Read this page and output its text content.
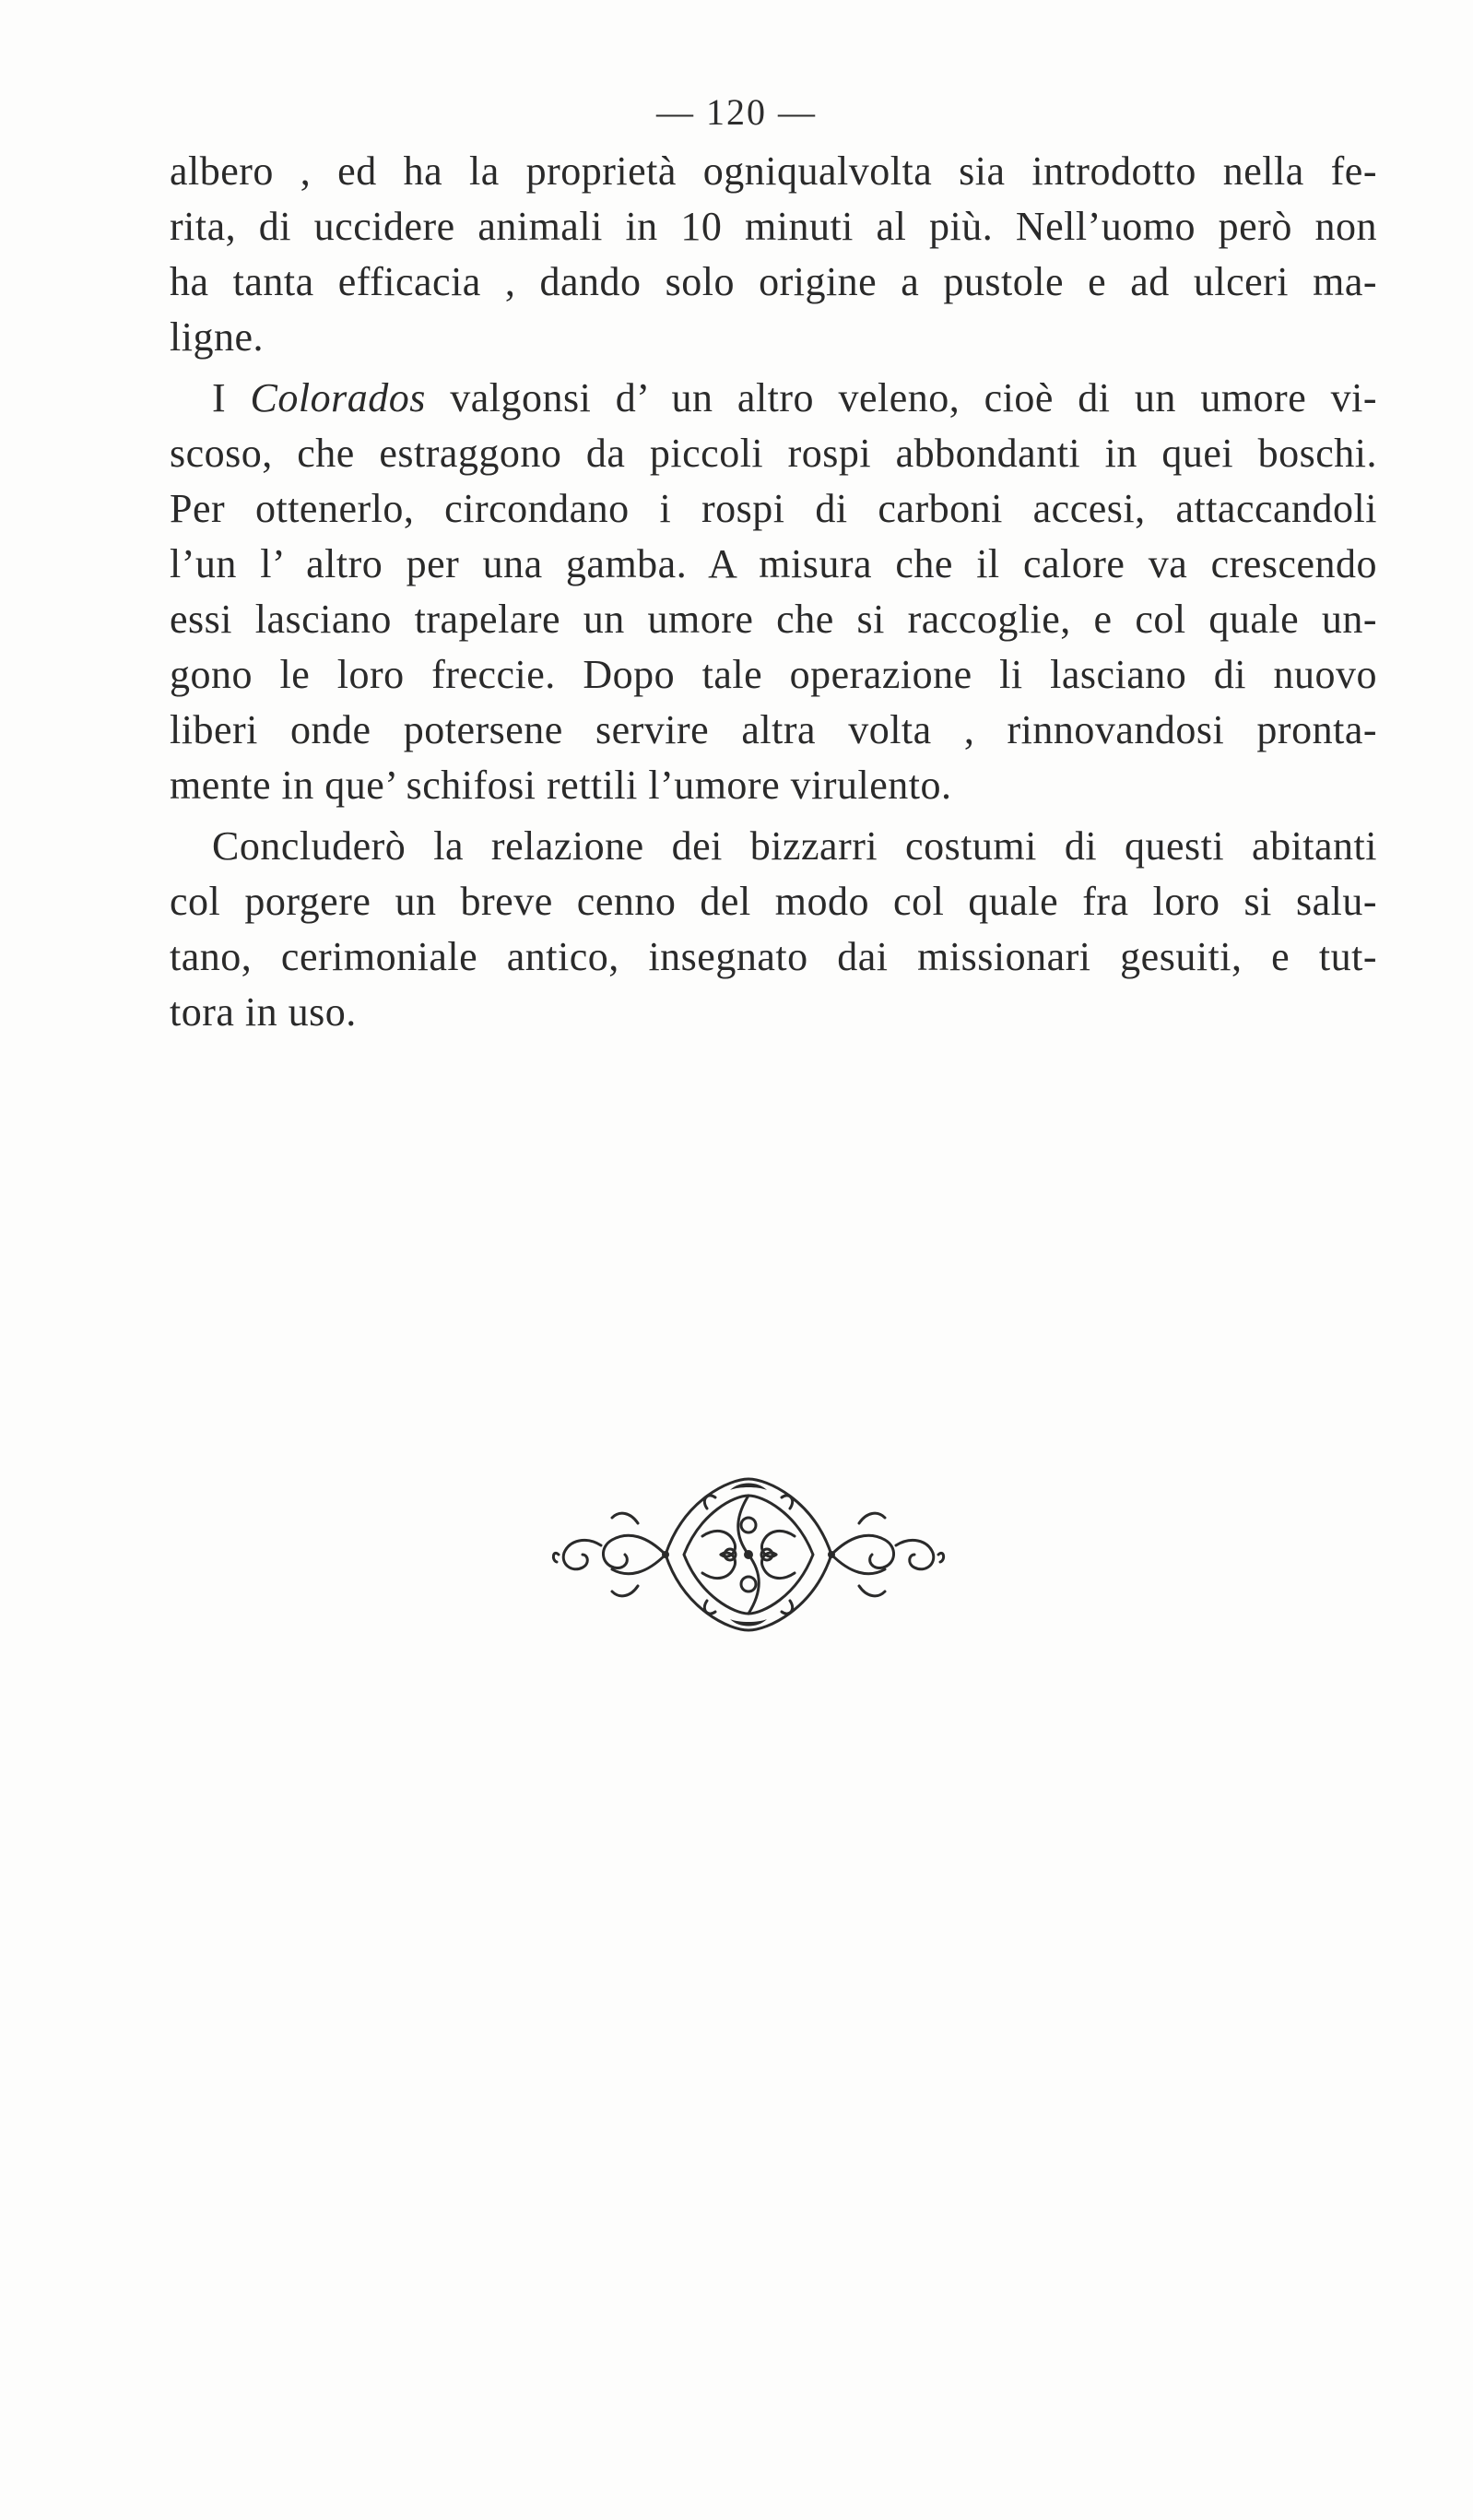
— 120 —
albero , ed ha la proprietà ogniqualvolta sia introdotto nella fe-
rita, di uccidere animali in 10 minuti al più. Nell’uomo però non
ha tanta efficacia , dando solo origine a pustole e ad ulceri ma-
ligne.
I Colorados valgonsi d’ un altro veleno, cioè di un umore vi-
scoso, che estraggono da piccoli rospi abbondanti in quei boschi.
Per ottenerlo, circondano i rospi di carboni accesi, attaccandoli
l’un l’ altro per una gamba. A misura che il calore va crescendo
essi lasciano trapelare un umore che si raccoglie, e col quale un-
gono le loro freccie. Dopo tale operazione li lasciano di nuovo
liberi onde potersene servire altra volta , rinnovandosi pronta-
mente in que’ schifosi rettili l’umore virulento.
Concluderò la relazione dei bizzarri costumi di questi abitanti
col porgere un breve cenno del modo col quale fra loro si salu-
tano, cerimoniale antico, insegnato dai missionari gesuiti, e tut-
tora in uso.
